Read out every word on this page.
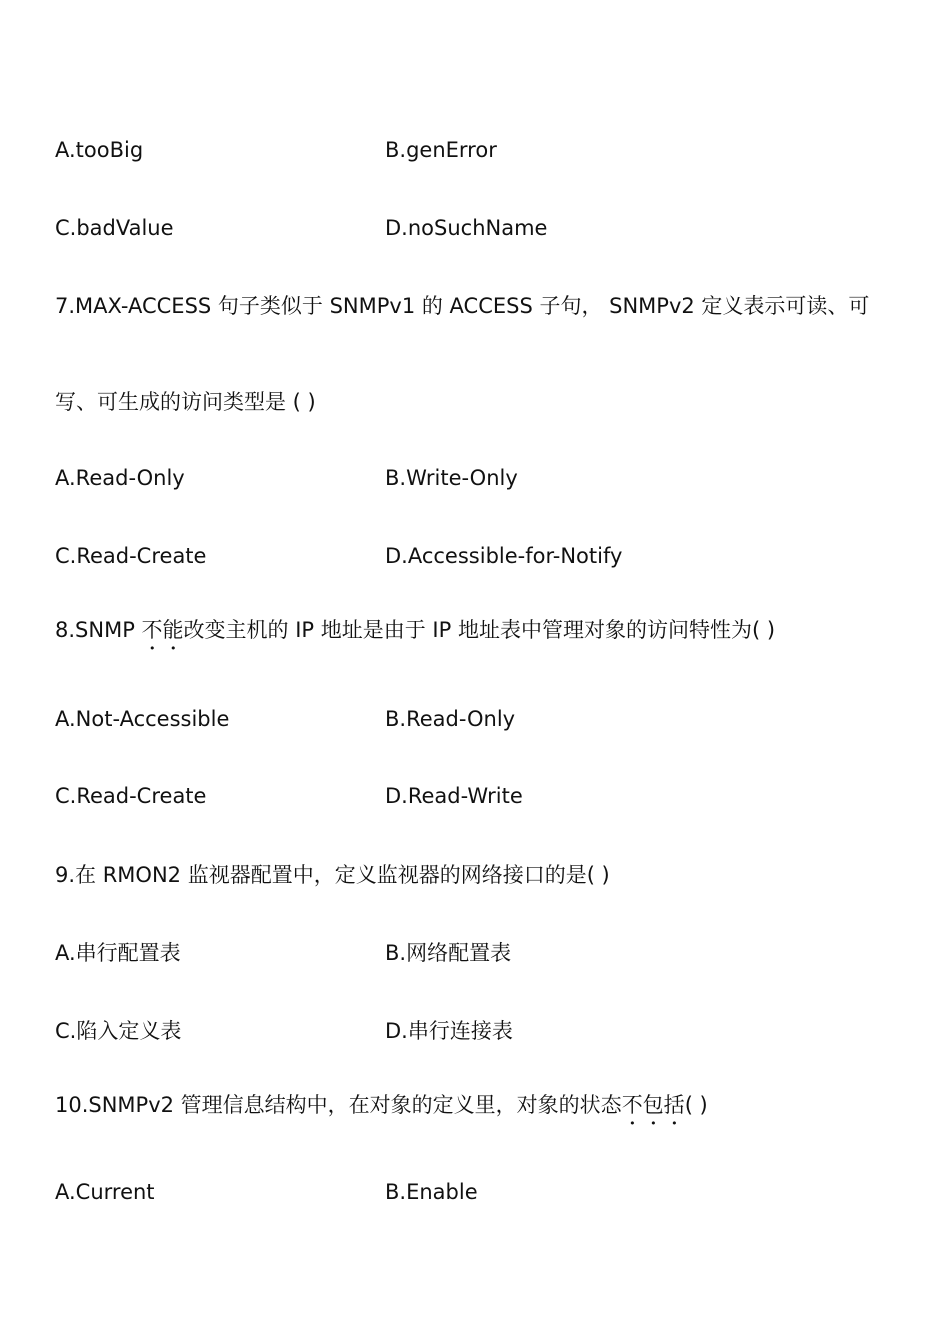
A.tooBig	B.genError
C.badValue	D.noSuchName
7.MAX-ACCESS 句子类似于 SNMPv1 的 ACCESS 子句， SNMPv2 定义表示可读、可
写、可生成的访问类型是 ( )
A.Read-Only	B.Write-Only
C.Read-Create	D.Accessible-for-Notify
8.SNMP 不能改变主机的 IP 地址是由于 IP 地址表中管理对象的访问特性为( )
A.Not-Accessible	B.Read-Only
C.Read-Create	D.Read-Write
9.在 RMON2 监视器配置中，定义监视器的网络接口的是( )
A.串行配置表	B.网络配置表
C.陷入定义表	D.串行连接表
10.SNMPv2 管理信息结构中，在对象的定义里，对象的状态不包括( )
A.Current	B.Enable
